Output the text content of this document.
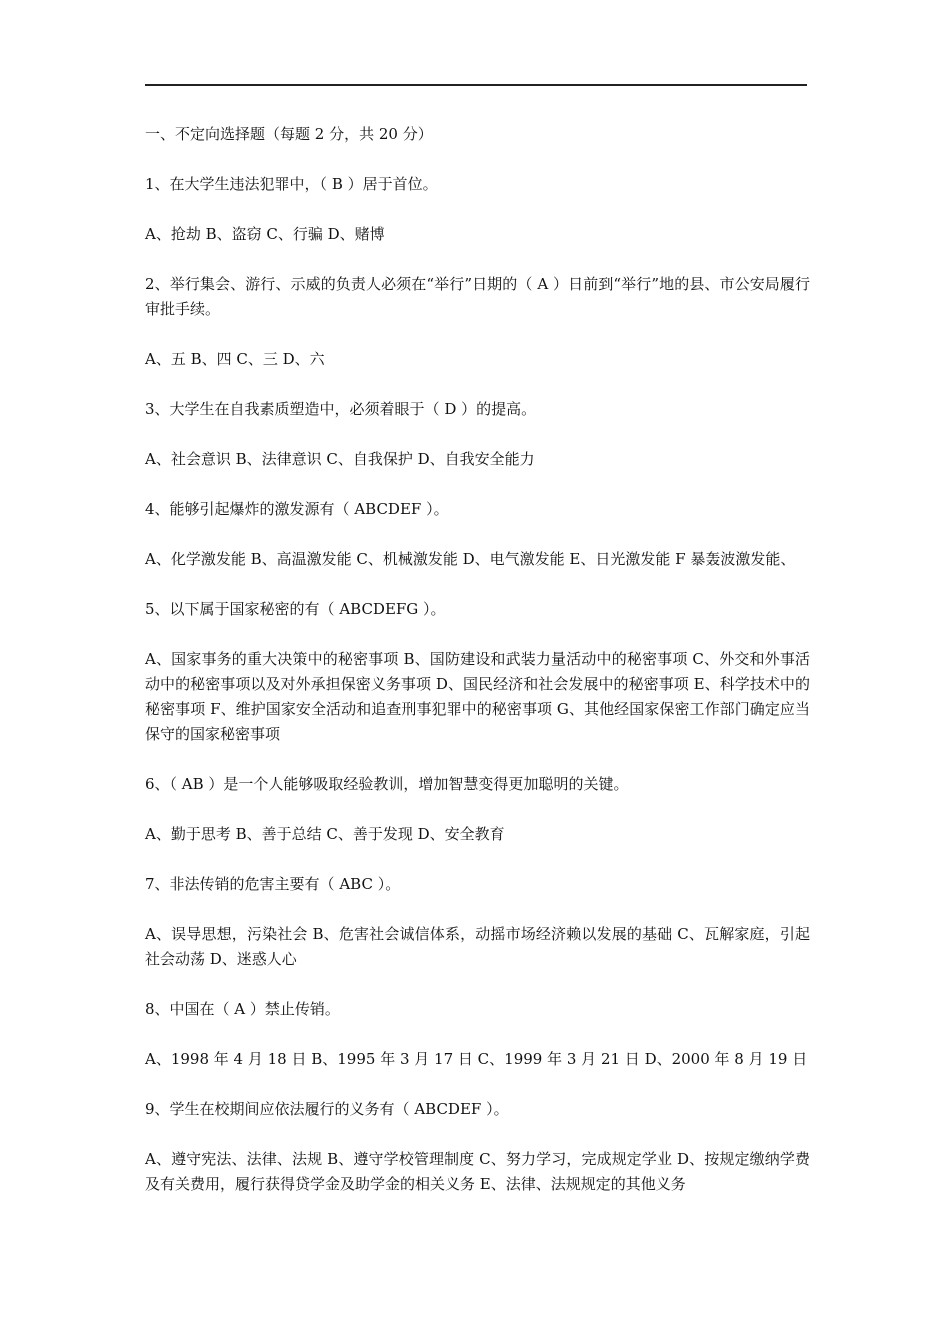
一、不定向选择题（每题 2 分，共 20 分）

1、在大学生违法犯罪中，（ B ）居于首位。

A、抢劫 B、盗窃 C、行骗 D、赌博

2、举行集会、游行、示威的负责人必须在“举行”日期的（ A ）日前到“举行”地的县、市公安局履行审批手续。

A、五 B、四 C、三 D、六

3、大学生在自我素质塑造中，必须着眼于（ D ）的提高。

A、社会意识 B、法律意识 C、自我保护 D、自我安全能力

4、能够引起爆炸的激发源有（ ABCDEF ）。

A、化学激发能 B、高温激发能 C、机械激发能 D、电气激发能 E、日光激发能 F 暴轰波激发能、

5、以下属于国家秘密的有（ ABCDEFG ）。

A、国家事务的重大决策中的秘密事项 B、国防建设和武装力量活动中的秘密事项 C、外交和外事活动中的秘密事项以及对外承担保密义务事项 D、国民经济和社会发展中的秘密事项 E、科学技术中的秘密事项 F、维护国家安全活动和追查刑事犯罪中的秘密事项 G、其他经国家保密工作部门确定应当保守的国家秘密事项

6、（ AB ）是一个人能够吸取经验教训，增加智慧变得更加聪明的关键。

A、勤于思考 B、善于总结 C、善于发现 D、安全教育

7、非法传销的危害主要有（ ABC ）。

A、误导思想，污染社会 B、危害社会诚信体系，动摇市场经济赖以发展的基础 C、瓦解家庭，引起社会动荡 D、迷惑人心

8、中国在（ A ）禁止传销。

A、1998 年 4 月 18 日 B、1995 年 3 月 17 日 C、1999 年 3 月 21 日 D、2000 年 8 月 19 日

9、学生在校期间应依法履行的义务有（ ABCDEF ）。

A、遵守宪法、法律、法规 B、遵守学校管理制度 C、努力学习，完成规定学业 D、按规定缴纳学费及有关费用，履行获得贷学金及助学金的相关义务 E、法律、法规规定的其他义务
